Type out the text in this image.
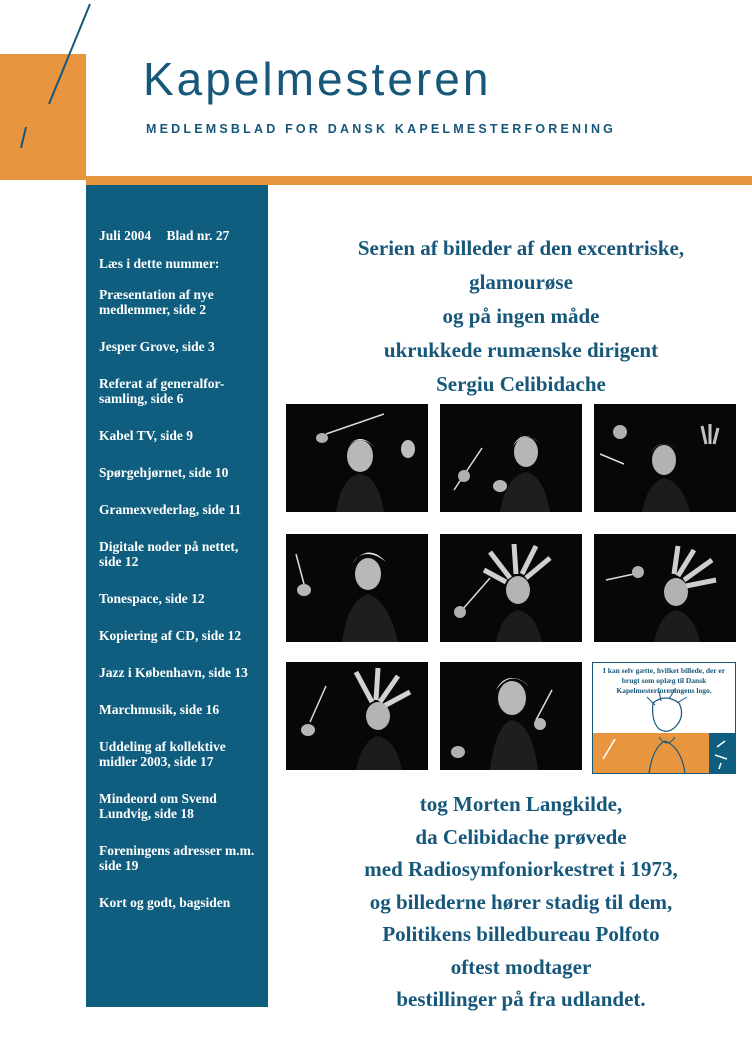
Kapelmesteren

MEDLEMSBLAD FOR DANSK KAPELMESTERFORENING

Juli 2004 Blad nr. 27

Læs i dette nummer:

Præsentation af nye medlemmer, side 2
Jesper Grove, side 3
Referat af generalfor-samling, side 6
Kabel TV, side 9
Spørgehjørnet, side 10
Gramexvederlag, side 11
Digitale noder på nettet, side 12
Tonespace, side 12
Kopiering af CD, side 12
Jazz i København, side 13
Marchmusik, side 16
Uddeling af kollektive midler 2003, side 17
Mindeord om Svend Lundvig, side 18
Foreningens adresser m.m. side 19
Kort og godt, bagsiden
Serien af billeder af den excentriske,
glamourøse
og på ingen måde
ukrukkede rumænske dirigent
Sergiu Celibidache
I kan selv gætte, hvilket billede, der er brugt som oplæg til Dansk Kapelmesterforeningens logo.
tog Morten Langkilde,
da Celibidache prøvede
med Radiosymfoniorkestret i 1973,
og billederne hører stadig til dem,
Politikens billedbureau Polfoto
oftest modtager
bestillinger på fra udlandet.
